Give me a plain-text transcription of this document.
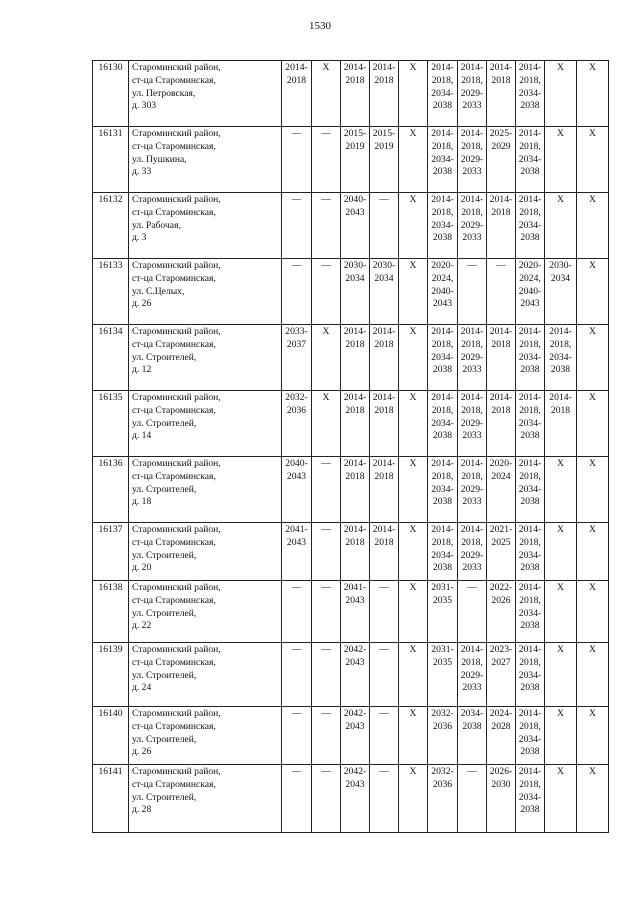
1530
16130	Староминский район,
ст-ца Староминская,
ул. Петровская,
д. 303	2014-
2018	Х	2014-
2018	2014-
2018	Х	2014-
2018,
2034-
2038	2014-
2018,
2029-
2033	2014-
2018	2014-
2018,
2034-
2038	Х	Х

16131	Староминский район,
ст-ца Староминская,
ул. Пушкина,
д. 33	—	—	2015-
2019	2015-
2019	Х	2014-
2018,
2034-
2038	2014-
2018,
2029-
2033	2025-
2029	2014-
2018,
2034-
2038	Х	Х

16132	Староминский район,
ст-ца Староминская,
ул. Рабочая,
д. 3	—	—	2040-
2043	—	Х	2014-
2018,
2034-
2038	2014-
2018,
2029-
2033	2014-
2018	2014-
2018,
2034-
2038	Х	Х

16133	Староминский район,
ст-ца Староминская,
ул. С.Целых,
д. 26	—	—	2030-
2034	2030-
2034	Х	2020-
2024,
2040-
2043	—	—	2020-
2024,
2040-
2043	2030-
2034	Х

16134	Староминский район,
ст-ца Староминская,
ул. Строителей,
д. 12	2033-
2037	Х	2014-
2018	2014-
2018	Х	2014-
2018,
2034-
2038	2014-
2018,
2029-
2033	2014-
2018	2014-
2018,
2034-
2038	2014-
2018,
2034-
2038	Х

16135	Староминский район,
ст-ца Староминская,
ул. Строителей,
д. 14	2032-
2036	Х	2014-
2018	2014-
2018	Х	2014-
2018,
2034-
2038	2014-
2018,
2029-
2033	2014-
2018	2014-
2018,
2034-
2038	2014-
2018	Х

16136	Староминский район,
ст-ца Староминская,
ул. Строителей,
д. 18	2040-
2043	—	2014-
2018	2014-
2018	Х	2014-
2018,
2034-
2038	2014-
2018,
2029-
2033	2020-
2024	2014-
2018,
2034-
2038	Х	Х

16137	Староминский район,
ст-ца Староминская,
ул. Строителей,
д. 20	2041-
2043	—	2014-
2018	2014-
2018	Х	2014-
2018,
2034-
2038	2014-
2018,
2029-
2033	2021-
2025	2014-
2018,
2034-
2038	Х	Х

16138	Староминский район,
ст-ца Староминская,
ул. Строителей,
д. 22	—	—	2041-
2043	—	Х	2031-
2035	—	2022-
2026	2014-
2018,
2034-
2038	Х	Х

16139	Староминский район,
ст-ца Староминская,
ул. Строителей,
д. 24	—	—	2042-
2043	—	Х	2031-
2035	2014-
2018,
2029-
2033	2023-
2027	2014-
2018,
2034-
2038	Х	Х

16140	Староминский район,
ст-ца Староминская,
ул. Строителей,
д. 26	—	—	2042-
2043	—	Х	2032-
2036	2034-
2038	2024-
2028	2014-
2018,
2034-
2038	Х	Х

16141	Староминский район,
ст-ца Староминская,
ул. Строителей,
д. 28	—	—	2042-
2043	—	Х	2032-
2036	—	2026-
2030	2014-
2018,
2034-
2038	Х	Х
